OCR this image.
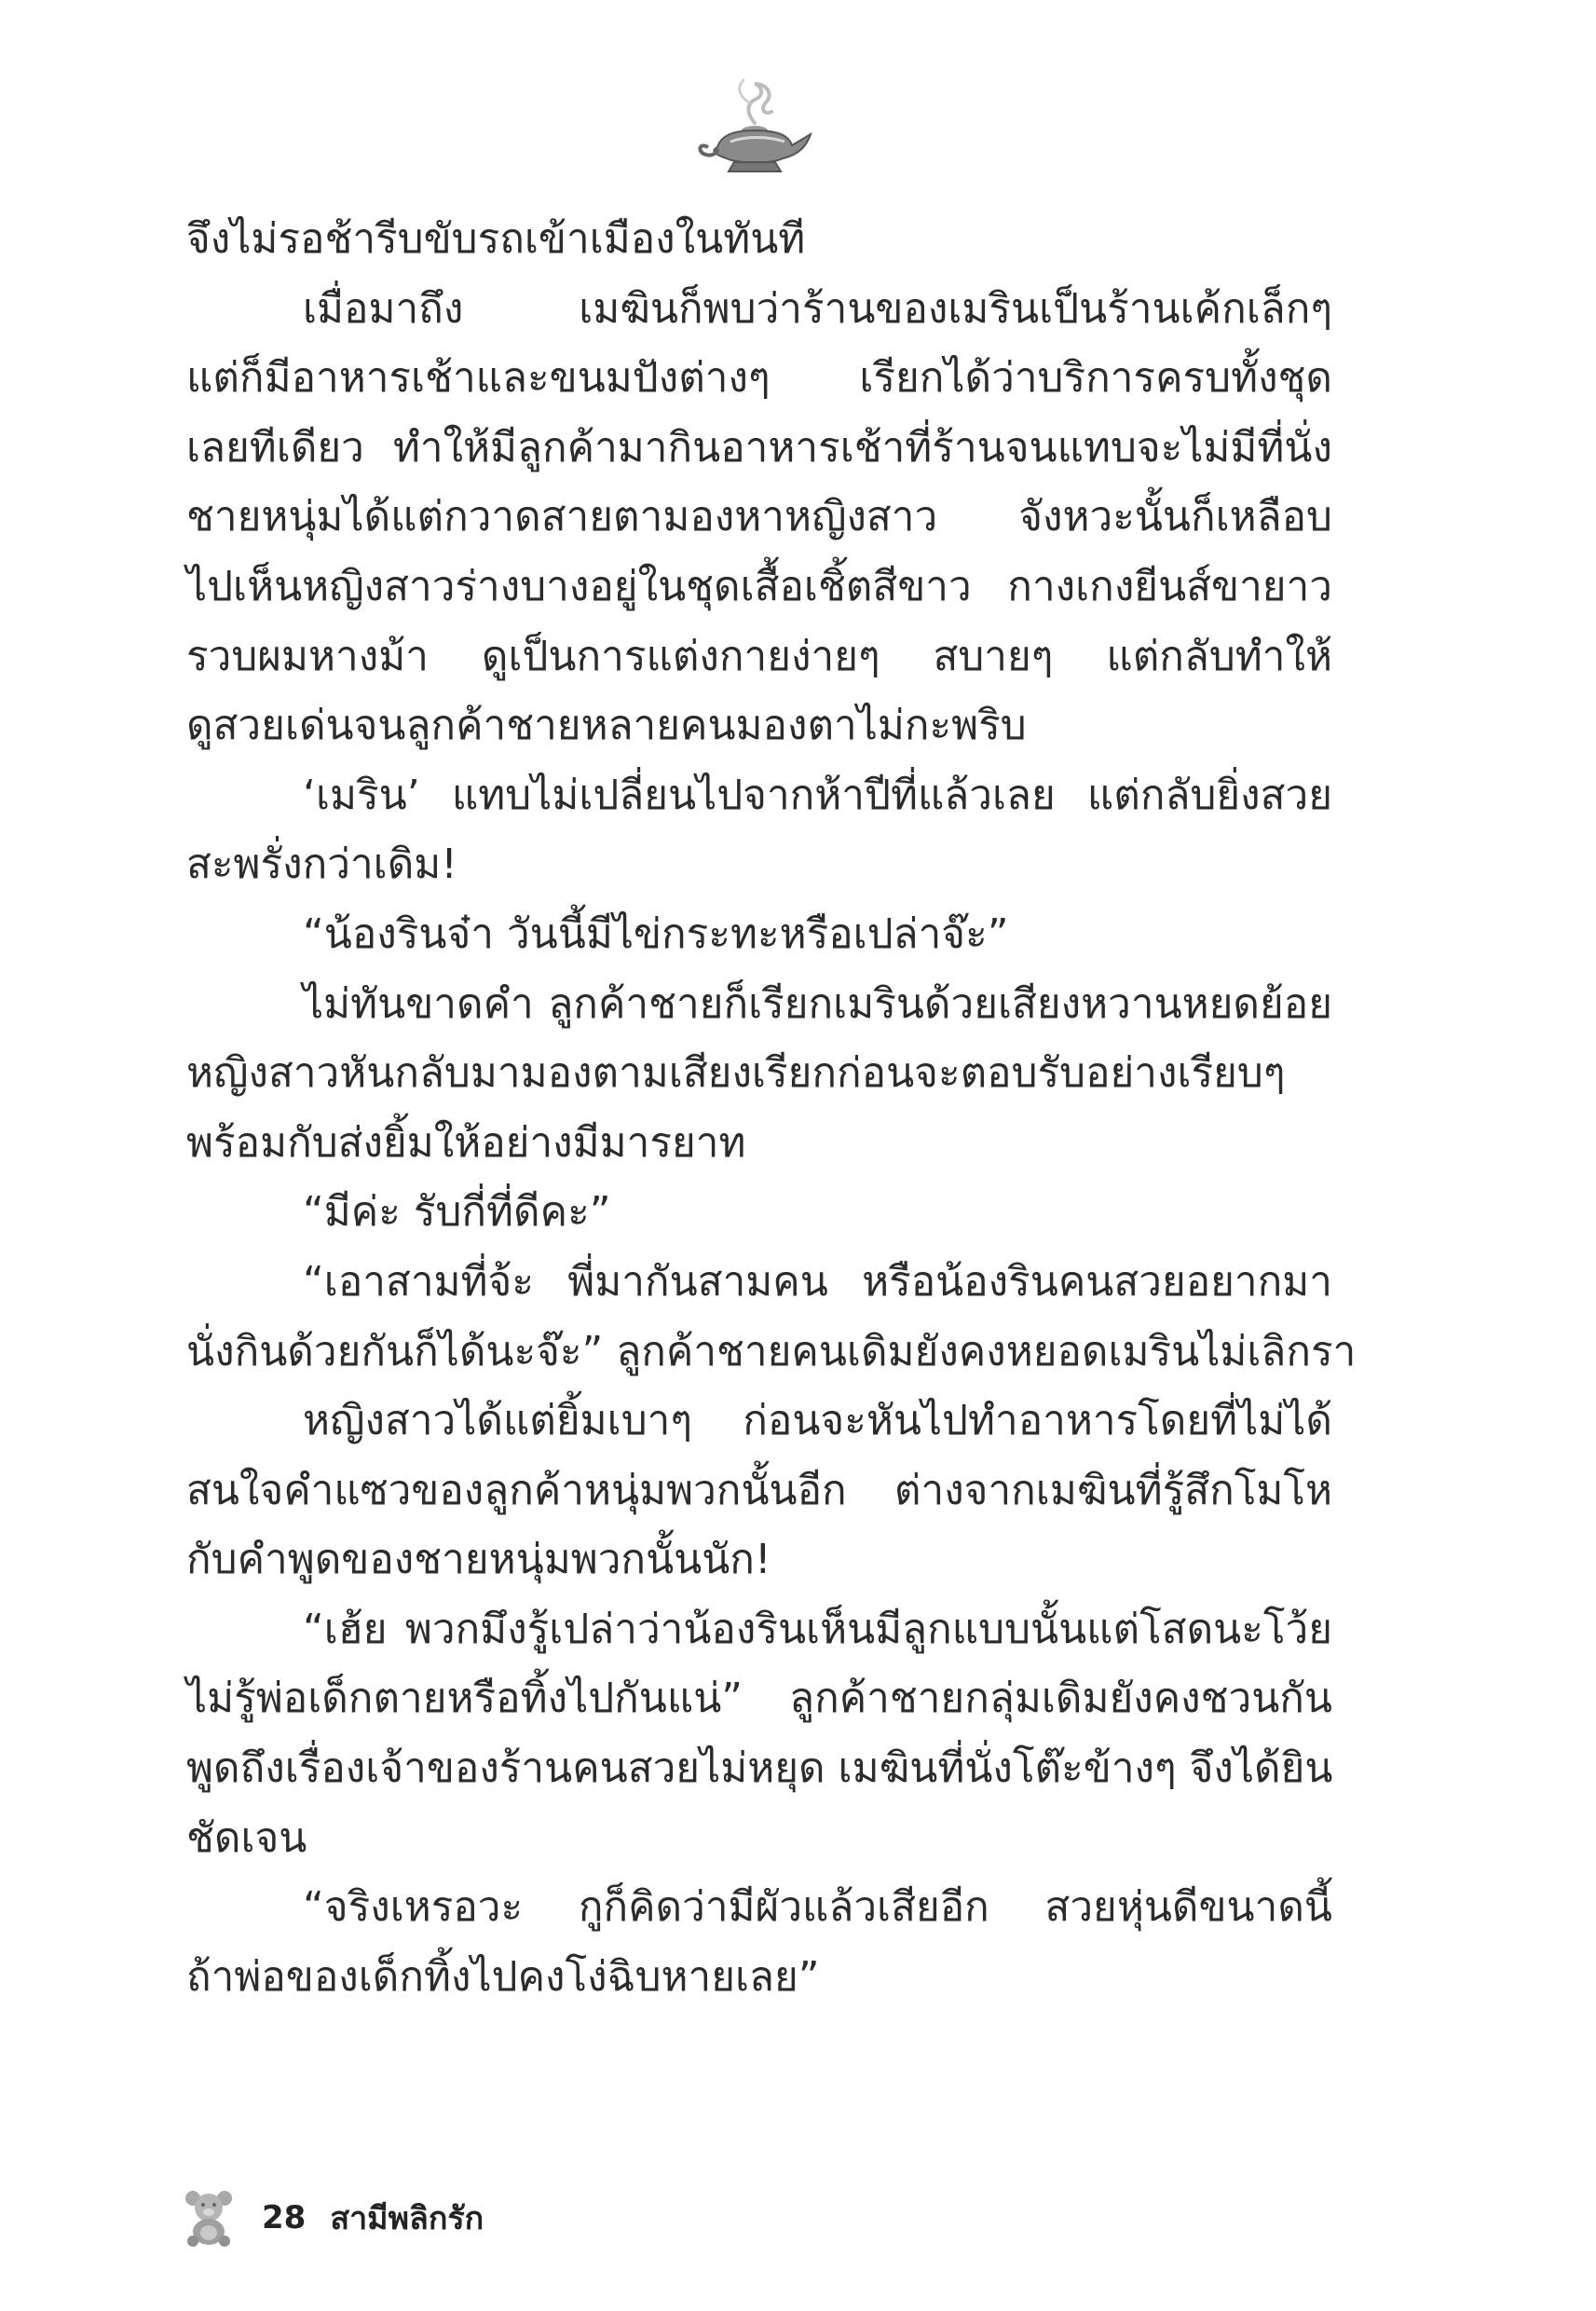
จึงไม่รอช้ารีบขับรถเข้าเมืองในทันที
เมื่อมาถึง เมฆินก็พบว่าร้านของเมรินเป็นร้านเค้กเล็กๆ
แต่ก็มีอาหารเช้าและขนมปังต่างๆ เรียกได้ว่าบริการครบทั้งชุด
เลยทีเดียว ทำให้มีลูกค้ามากินอาหารเช้าที่ร้านจนแทบจะไม่มีที่นั่ง
ชายหนุ่มได้แต่กวาดสายตามองหาหญิงสาว จังหวะนั้นก็เหลือบ
ไปเห็นหญิงสาวร่างบางอยู่ในชุดเสื้อเชิ้ตสีขาว กางเกงยีนส์ขายาว
รวบผมหางม้า ดูเป็นการแต่งกายง่ายๆ สบายๆ แต่กลับทำให้
ดูสวยเด่นจนลูกค้าชายหลายคนมองตาไม่กะพริบ
‘เมริน’ แทบไม่เปลี่ยนไปจากห้าปีที่แล้วเลย แต่กลับยิ่งสวย
สะพรั่งกว่าเดิม!
“น้องรินจ๋า วันนี้มีไข่กระทะหรือเปล่าจ๊ะ”
ไม่ทันขาดคำ ลูกค้าชายก็เรียกเมรินด้วยเสียงหวานหยดย้อย
หญิงสาวหันกลับมามองตามเสียงเรียกก่อนจะตอบรับอย่างเรียบๆ
พร้อมกับส่งยิ้มให้อย่างมีมารยาท
“มีค่ะ รับกี่ที่ดีคะ”
“เอาสามที่จ้ะ พี่มากันสามคน หรือน้องรินคนสวยอยากมา
นั่งกินด้วยกันก็ได้นะจ๊ะ” ลูกค้าชายคนเดิมยังคงหยอดเมรินไม่เลิกรา
หญิงสาวได้แต่ยิ้มเบาๆ ก่อนจะหันไปทำอาหารโดยที่ไม่ได้
สนใจคำแซวของลูกค้าหนุ่มพวกนั้นอีก ต่างจากเมฆินที่รู้สึกโมโห
กับคำพูดของชายหนุ่มพวกนั้นนัก!
“เฮ้ย พวกมึงรู้เปล่าว่าน้องรินเห็นมีลูกแบบนั้นแต่โสดนะโว้ย
ไม่รู้พ่อเด็กตายหรือทิ้งไปกันแน่” ลูกค้าชายกลุ่มเดิมยังคงชวนกัน
พูดถึงเรื่องเจ้าของร้านคนสวยไม่หยุด เมฆินที่นั่งโต๊ะข้างๆ จึงได้ยิน
ชัดเจน
“จริงเหรอวะ กูก็คิดว่ามีผัวแล้วเสียอีก สวยหุ่นดีขนาดนี้
ถ้าพ่อของเด็กทิ้งไปคงโง่ฉิบหายเลย”
28 สามีพลิกรัก
